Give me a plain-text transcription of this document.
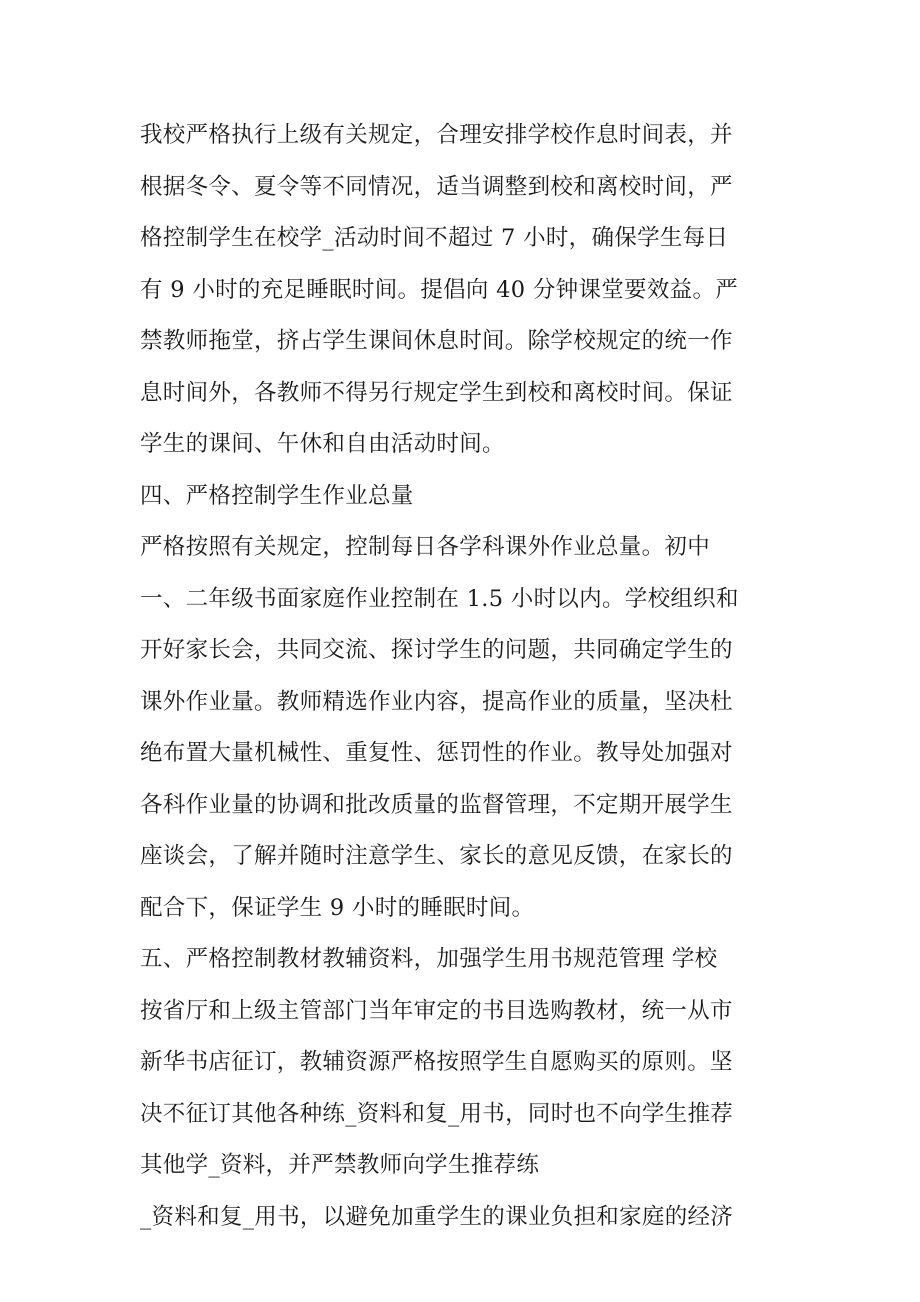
我校严格执行上级有关规定，合理安排学校作息时间表，并
根据冬令、夏令等不同情况，适当调整到校和离校时间，严
格控制学生在校学_活动时间不超过 7 小时，确保学生每日
有 9 小时的充足睡眠时间。提倡向 40 分钟课堂要效益。严
禁教师拖堂，挤占学生课间休息时间。除学校规定的统一作
息时间外，各教师不得另行规定学生到校和离校时间。保证
学生的课间、午休和自由活动时间。
四、严格控制学生作业总量
严格按照有关规定，控制每日各学科课外作业总量。初中
一、二年级书面家庭作业控制在 1.5 小时以内。学校组织和
开好家长会，共同交流、探讨学生的问题，共同确定学生的
课外作业量。教师精选作业内容，提高作业的质量，坚决杜
绝布置大量机械性、重复性、惩罚性的作业。教导处加强对
各科作业量的协调和批改质量的监督管理，不定期开展学生
座谈会，了解并随时注意学生、家长的意见反馈，在家长的
配合下，保证学生 9 小时的睡眠时间。
五、严格控制教材教辅资料，加强学生用书规范管理 学校
按省厅和上级主管部门当年审定的书目选购教材，统一从市
新华书店征订，教辅资源严格按照学生自愿购买的原则。坚
决不征订其他各种练_资料和复_用书，同时也不向学生推荐
其他学_资料，并严禁教师向学生推荐练
_资料和复_用书，以避免加重学生的课业负担和家庭的经济
